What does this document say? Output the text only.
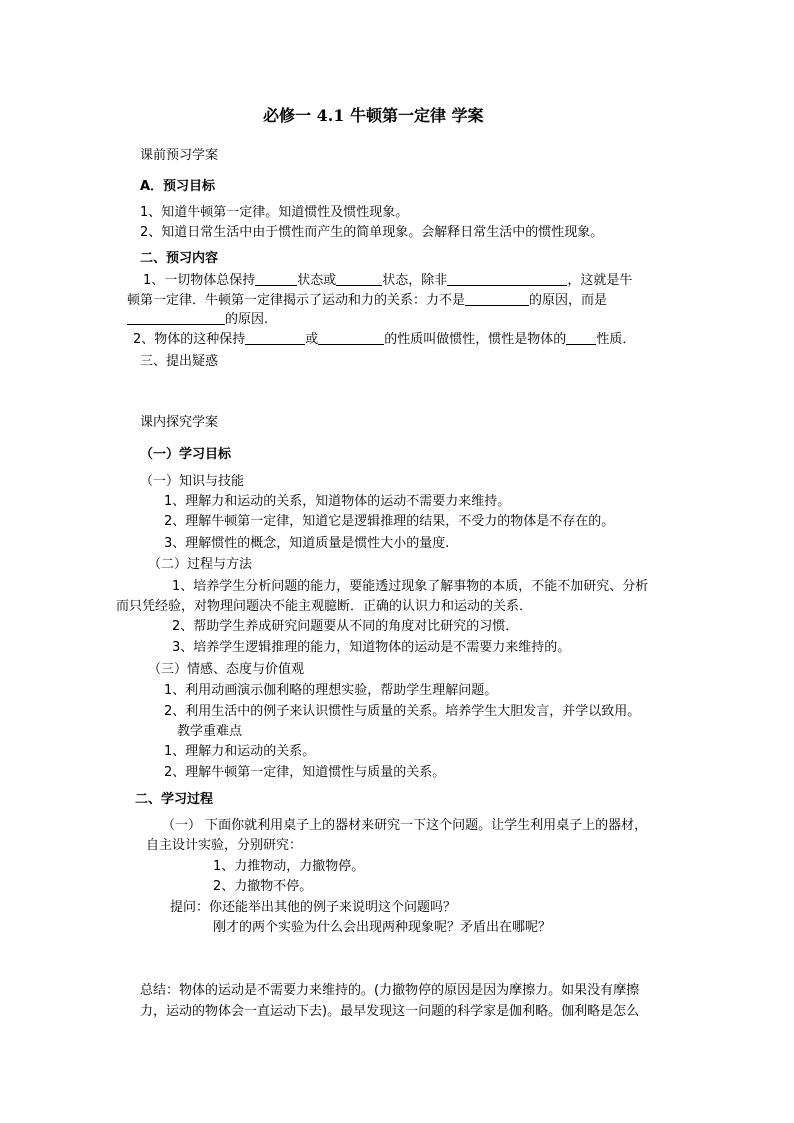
必修一 4.1 牛顿第一定律 学案
课前预习学案
A．预习目标
1、知道牛顿第一定律。知道惯性及惯性现象。
2、知道日常生活中由于惯性而产生的简单现象。会解释日常生活中的惯性现象。
二、预习内容
1、一切物体总保持	状态或	状态，除非	，这就是牛
顿第一定律．牛顿第一定律揭示了运动和力的关系：力不是	的原因，而是
的原因.
2、物体的这种保持	或	的性质叫做惯性，惯性是物体的 性质．
三、提出疑惑
课内探究学案
（一）学习目标
（一）知识与技能
1、理解力和运动的关系，知道物体的运动不需要力来维持。
2、理解牛顿第一定律，知道它是逻辑推理的结果，不受力的物体是不存在的。
3、理解惯性的概念，知道质量是惯性大小的量度.
（二）过程与方法
1、培养学生分析问题的能力，要能透过现象了解事物的本质，不能不加研究、分析
而只凭经验，对物理问题决不能主观臆断．正确的认识力和运动的关系．
2、帮助学生养成研究问题要从不同的角度对比研究的习惯．
3、培养学生逻辑推理的能力，知道物体的运动是不需要力来维持的。
（三）情感、态度与价值观
1、利用动画演示伽利略的理想实验，帮助学生理解问题。
2、利用生活中的例子来认识惯性与质量的关系。培养学生大胆发言，并学以致用。
教学重难点
1、理解力和运动的关系。
2、理解牛顿第一定律，知道惯性与质量的关系。
二、学习过程
（一） 下面你就利用桌子上的器材来研究一下这个问题。让学生利用桌子上的器材，
自主设计实验，分别研究：
1、力推物动，力撤物停。
2、力撤物不停。
提问：你还能举出其他的例子来说明这个问题吗？
刚才的两个实验为什么会出现两种现象呢？矛盾出在哪呢？
总结：物体的运动是不需要力来维持的。(力撤物停的原因是因为摩擦力。如果没有摩擦
力，运动的物体会一直运动下去)。最早发现这一问题的科学家是伽利略。伽利略是怎么
